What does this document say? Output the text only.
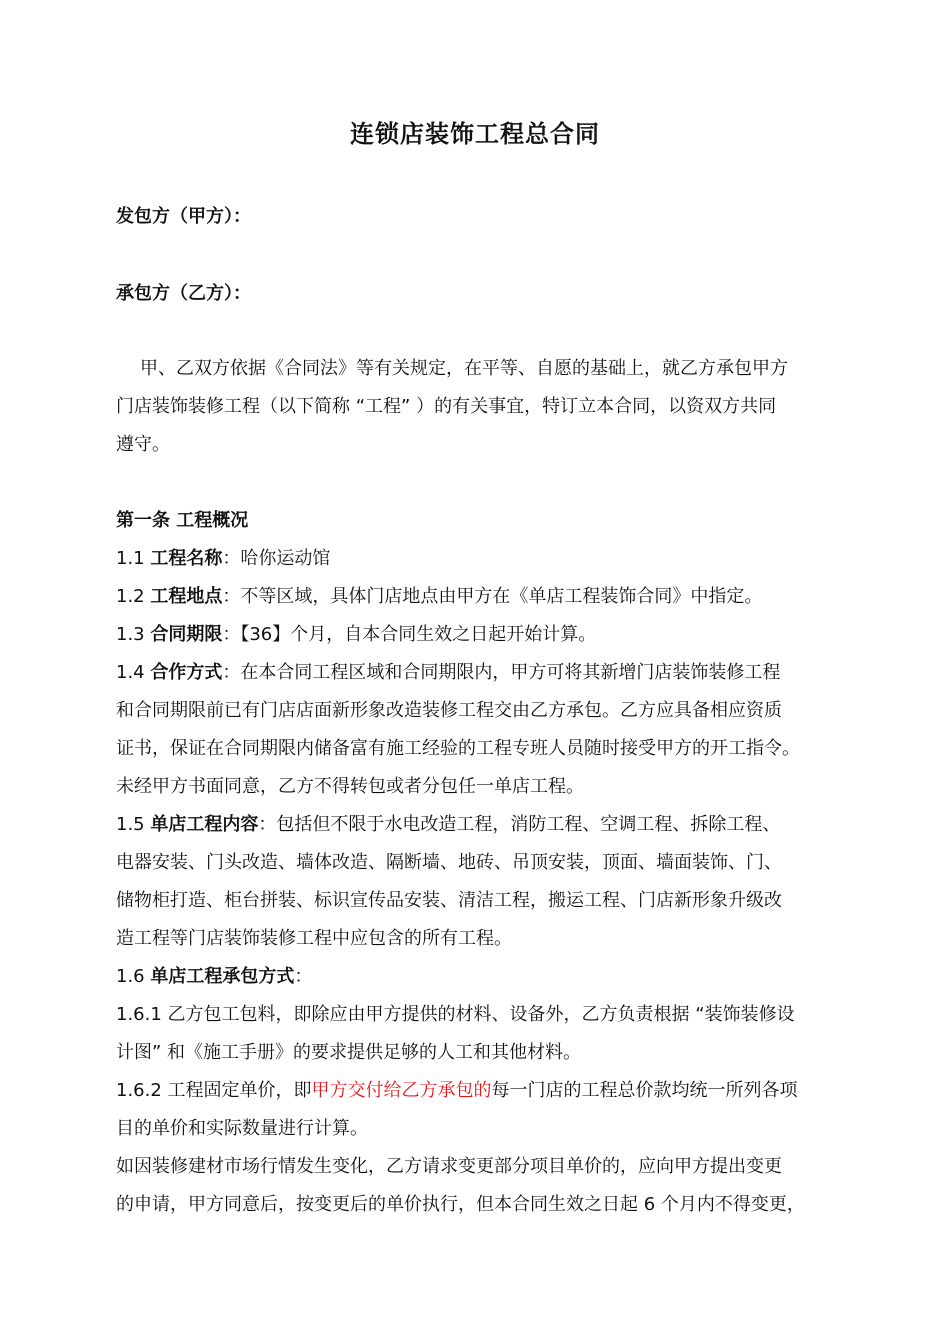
连锁店装饰工程总合同
发包方（甲方）：
承包方（乙方）：
甲、乙双方依据《合同法》等有关规定，在平等、自愿的基础上，就乙方承包甲方
门店装饰装修工程（以下简称 “工程” ）的有关事宜，特订立本合同，以资双方共同
遵守。
第一条 工程概况
1.1 工程名称：哈你运动馆
1.2 工程地点：不等区域，具体门店地点由甲方在《单店工程装饰合同》中指定。
1.3 合同期限：【36】个月，自本合同生效之日起开始计算。
1.4 合作方式：在本合同工程区域和合同期限内，甲方可将其新增门店装饰装修工程
和合同期限前已有门店店面新形象改造装修工程交由乙方承包。乙方应具备相应资质
证书，保证在合同期限内储备富有施工经验的工程专班人员随时接受甲方的开工指令。
未经甲方书面同意，乙方不得转包或者分包任一单店工程。
1.5 单店工程内容：包括但不限于水电改造工程，消防工程、空调工程、拆除工程、
电器安装、门头改造、墙体改造、隔断墙、地砖、吊顶安装，顶面、墙面装饰、门、
储物柜打造、柜台拼装、标识宣传品安装、清洁工程，搬运工程、门店新形象升级改
造工程等门店装饰装修工程中应包含的所有工程。
1.6 单店工程承包方式：
1.6.1 乙方包工包料，即除应由甲方提供的材料、设备外，乙方负责根据 “装饰装修设
计图” 和《施工手册》的要求提供足够的人工和其他材料。
1.6.2 工程固定单价，即甲方交付给乙方承包的每一门店的工程总价款均统一所列各项
目的单价和实际数量进行计算。
如因装修建材市场行情发生变化，乙方请求变更部分项目单价的，应向甲方提出变更
的申请，甲方同意后，按变更后的单价执行，但本合同生效之日起 6 个月内不得变更，
